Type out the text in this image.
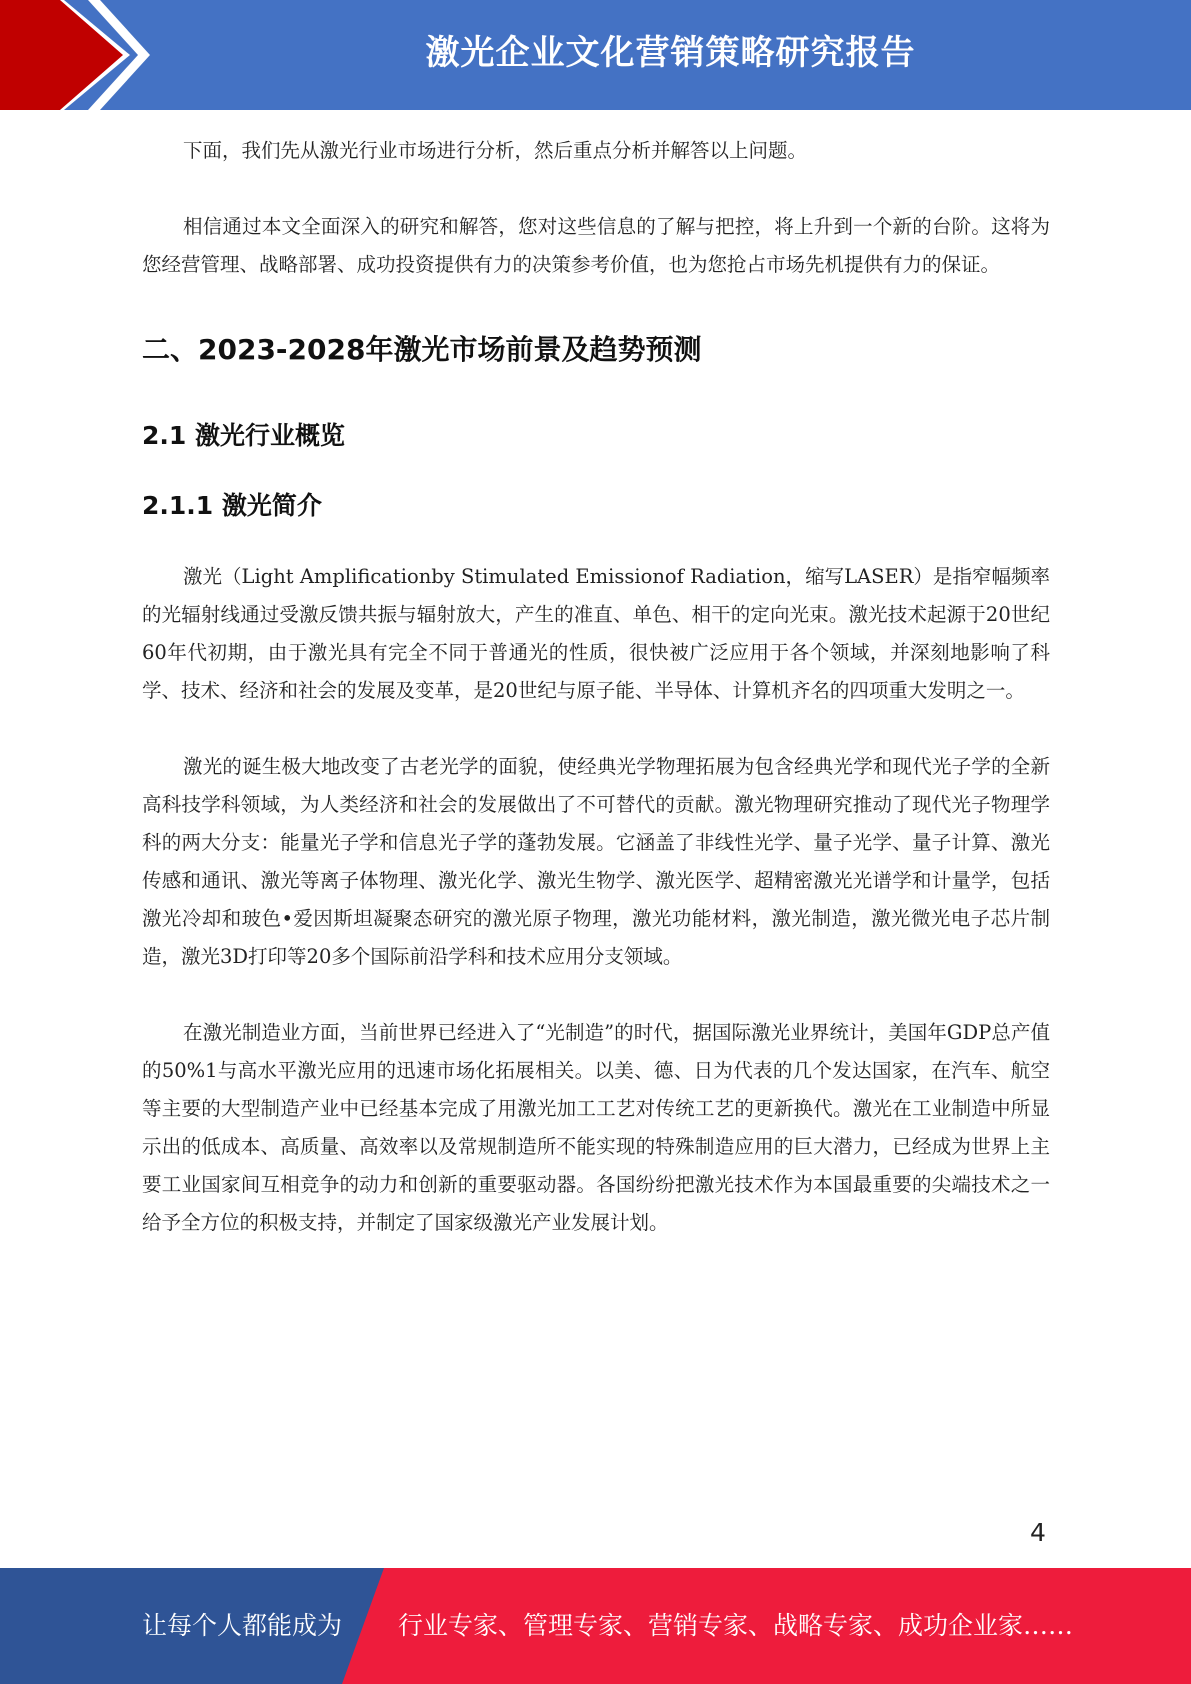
激光企业文化营销策略研究报告

下面，我们先从激光行业市场进行分析，然后重点分析并解答以上问题。

相信通过本文全面深入的研究和解答，您对这些信息的了解与把控，将上升到一个新的台阶。这将为您经营管理、战略部署、成功投资提供有力的决策参考价值，也为您抢占市场先机提供有力的保证。

二、2023-2028年激光市场前景及趋势预测
2.1 激光行业概览
2.1.1 激光简介

激光（Light Amplificationby Stimulated Emissionof Radiation，缩写LASER）是指窄幅频率的光辐射线通过受激反馈共振与辐射放大，产生的准直、单色、相干的定向光束。激光技术起源于20世纪60年代初期，由于激光具有完全不同于普通光的性质，很快被广泛应用于各个领域，并深刻地影响了科学、技术、经济和社会的发展及变革，是20世纪与原子能、半导体、计算机齐名的四项重大发明之一。

激光的诞生极大地改变了古老光学的面貌，使经典光学物理拓展为包含经典光学和现代光子学的全新高科技学科领域，为人类经济和社会的发展做出了不可替代的贡献。激光物理研究推动了现代光子物理学科的两大分支：能量光子学和信息光子学的蓬勃发展。它涵盖了非线性光学、量子光学、量子计算、激光传感和通讯、激光等离子体物理、激光化学、激光生物学、激光医学、超精密激光光谱学和计量学，包括激光冷却和玻色•爱因斯坦凝聚态研究的激光原子物理，激光功能材料，激光制造，激光微光电子芯片制造，激光3D打印等20多个国际前沿学科和技术应用分支领域。

在激光制造业方面，当前世界已经进入了“光制造”的时代，据国际激光业界统计，美国年GDP总产值的50%1与高水平激光应用的迅速市场化拓展相关。以美、德、日为代表的几个发达国家，在汽车、航空等主要的大型制造产业中已经基本完成了用激光加工工艺对传统工艺的更新换代。激光在工业制造中所显示出的低成本、高质量、高效率以及常规制造所不能实现的特殊制造应用的巨大潜力，已经成为世界上主要工业国家间互相竞争的动力和创新的重要驱动器。各国纷纷把激光技术作为本国最重要的尖端技术之一给予全方位的积极支持，并制定了国家级激光产业发展计划。

4
让每个人都能成为 行业专家、管理专家、营销专家、战略专家、成功企业家……
